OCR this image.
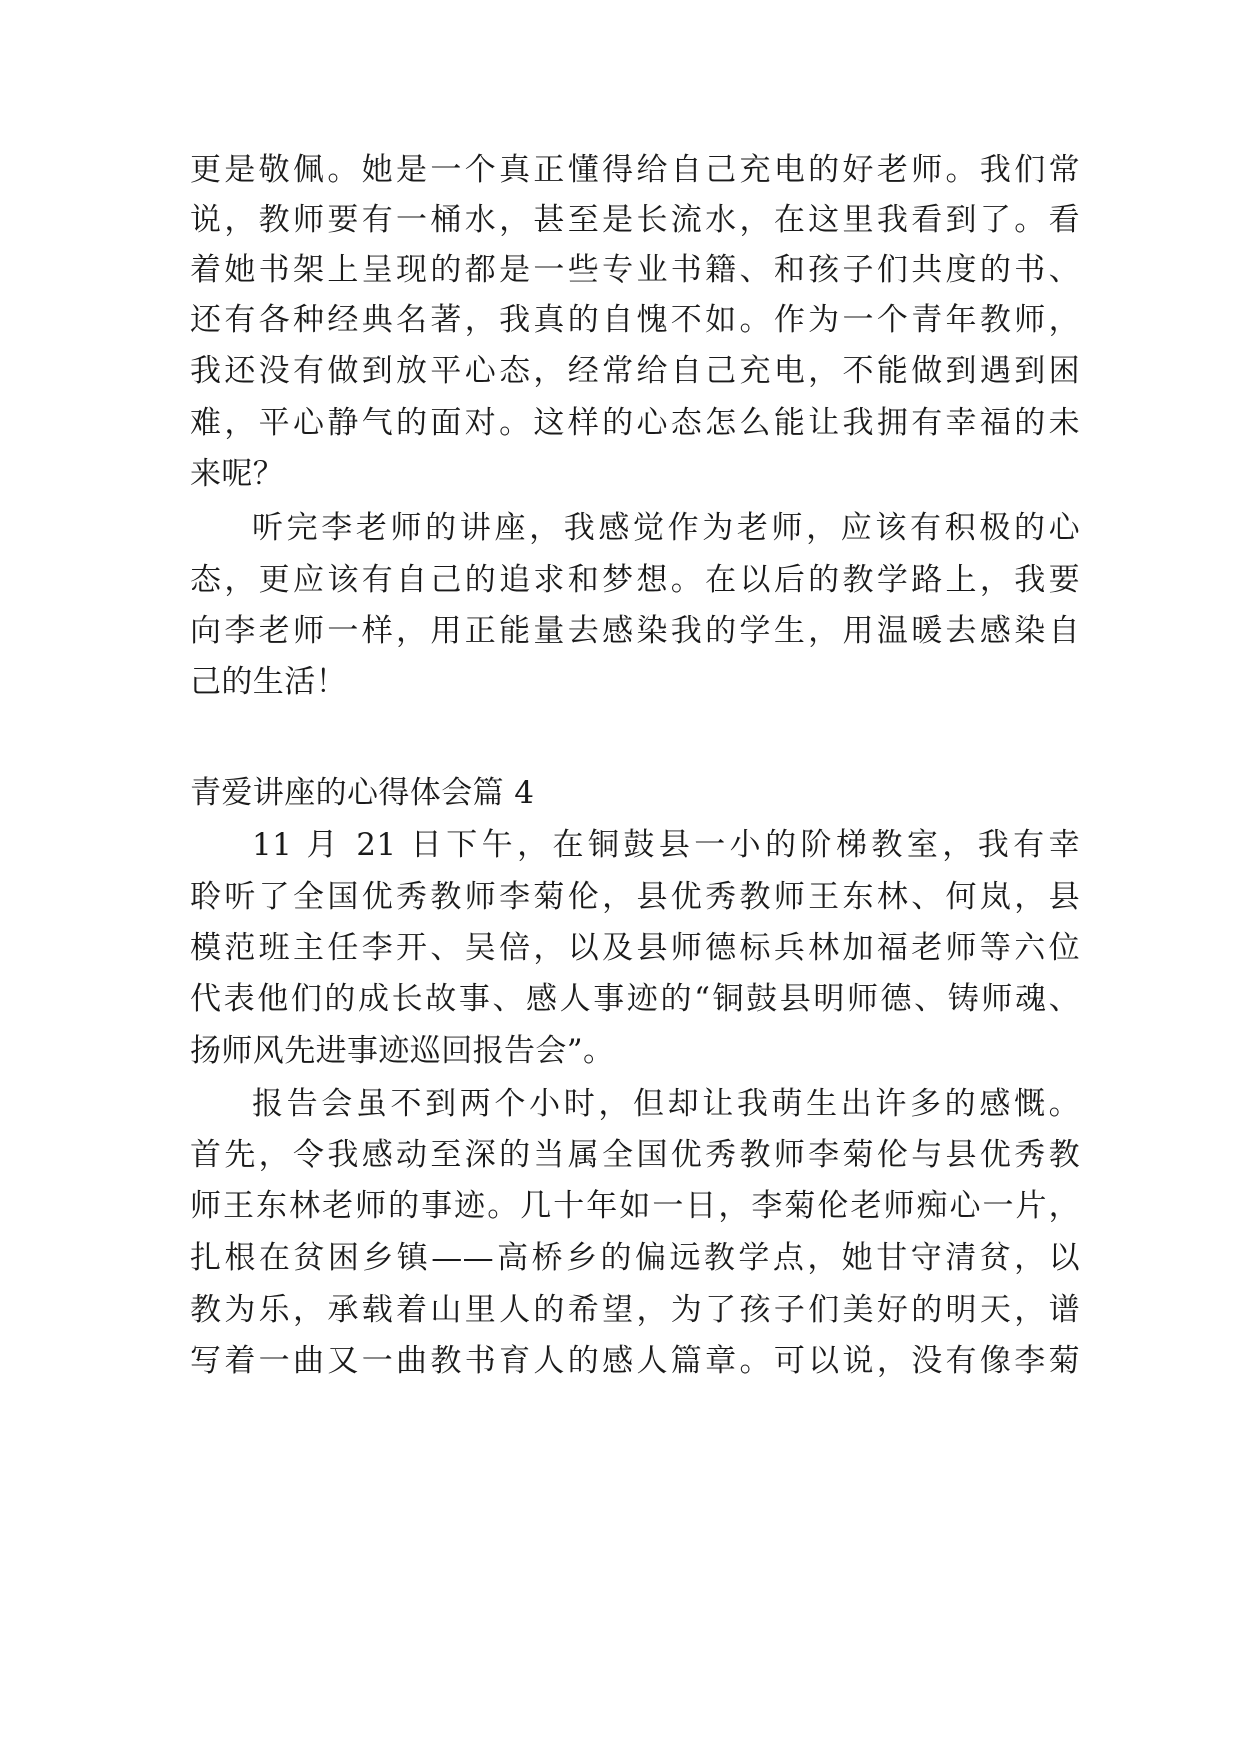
更是敬佩。她是一个真正懂得给自己充电的好老师。我们常
说，教师要有一桶水，甚至是长流水，在这里我看到了。看
着她书架上呈现的都是一些专业书籍、和孩子们共度的书、
还有各种经典名著，我真的自愧不如。作为一个青年教师，
我还没有做到放平心态，经常给自己充电，不能做到遇到困
难，平心静气的面对。这样的心态怎么能让我拥有幸福的未
来呢？
听完李老师的讲座，我感觉作为老师，应该有积极的心
态，更应该有自己的追求和梦想。在以后的教学路上，我要
向李老师一样，用正能量去感染我的学生，用温暖去感染自
己的生活！
青爱讲座的心得体会篇 4
11 月 21 日下午，在铜鼓县一小的阶梯教室，我有幸
聆听了全国优秀教师李菊伦，县优秀教师王东林、何岚，县
模范班主任李开、吴倍，以及县师德标兵林加福老师等六位
代表他们的成长故事、感人事迹的“铜鼓县明师德、铸师魂、
扬师风先进事迹巡回报告会”。
报告会虽不到两个小时，但却让我萌生出许多的感慨。
首先，令我感动至深的当属全国优秀教师李菊伦与县优秀教
师王东林老师的事迹。几十年如一日，李菊伦老师痴心一片，
扎根在贫困乡镇——高桥乡的偏远教学点，她甘守清贫，以
教为乐，承载着山里人的希望，为了孩子们美好的明天，谱
写着一曲又一曲教书育人的感人篇章。可以说，没有像李菊
